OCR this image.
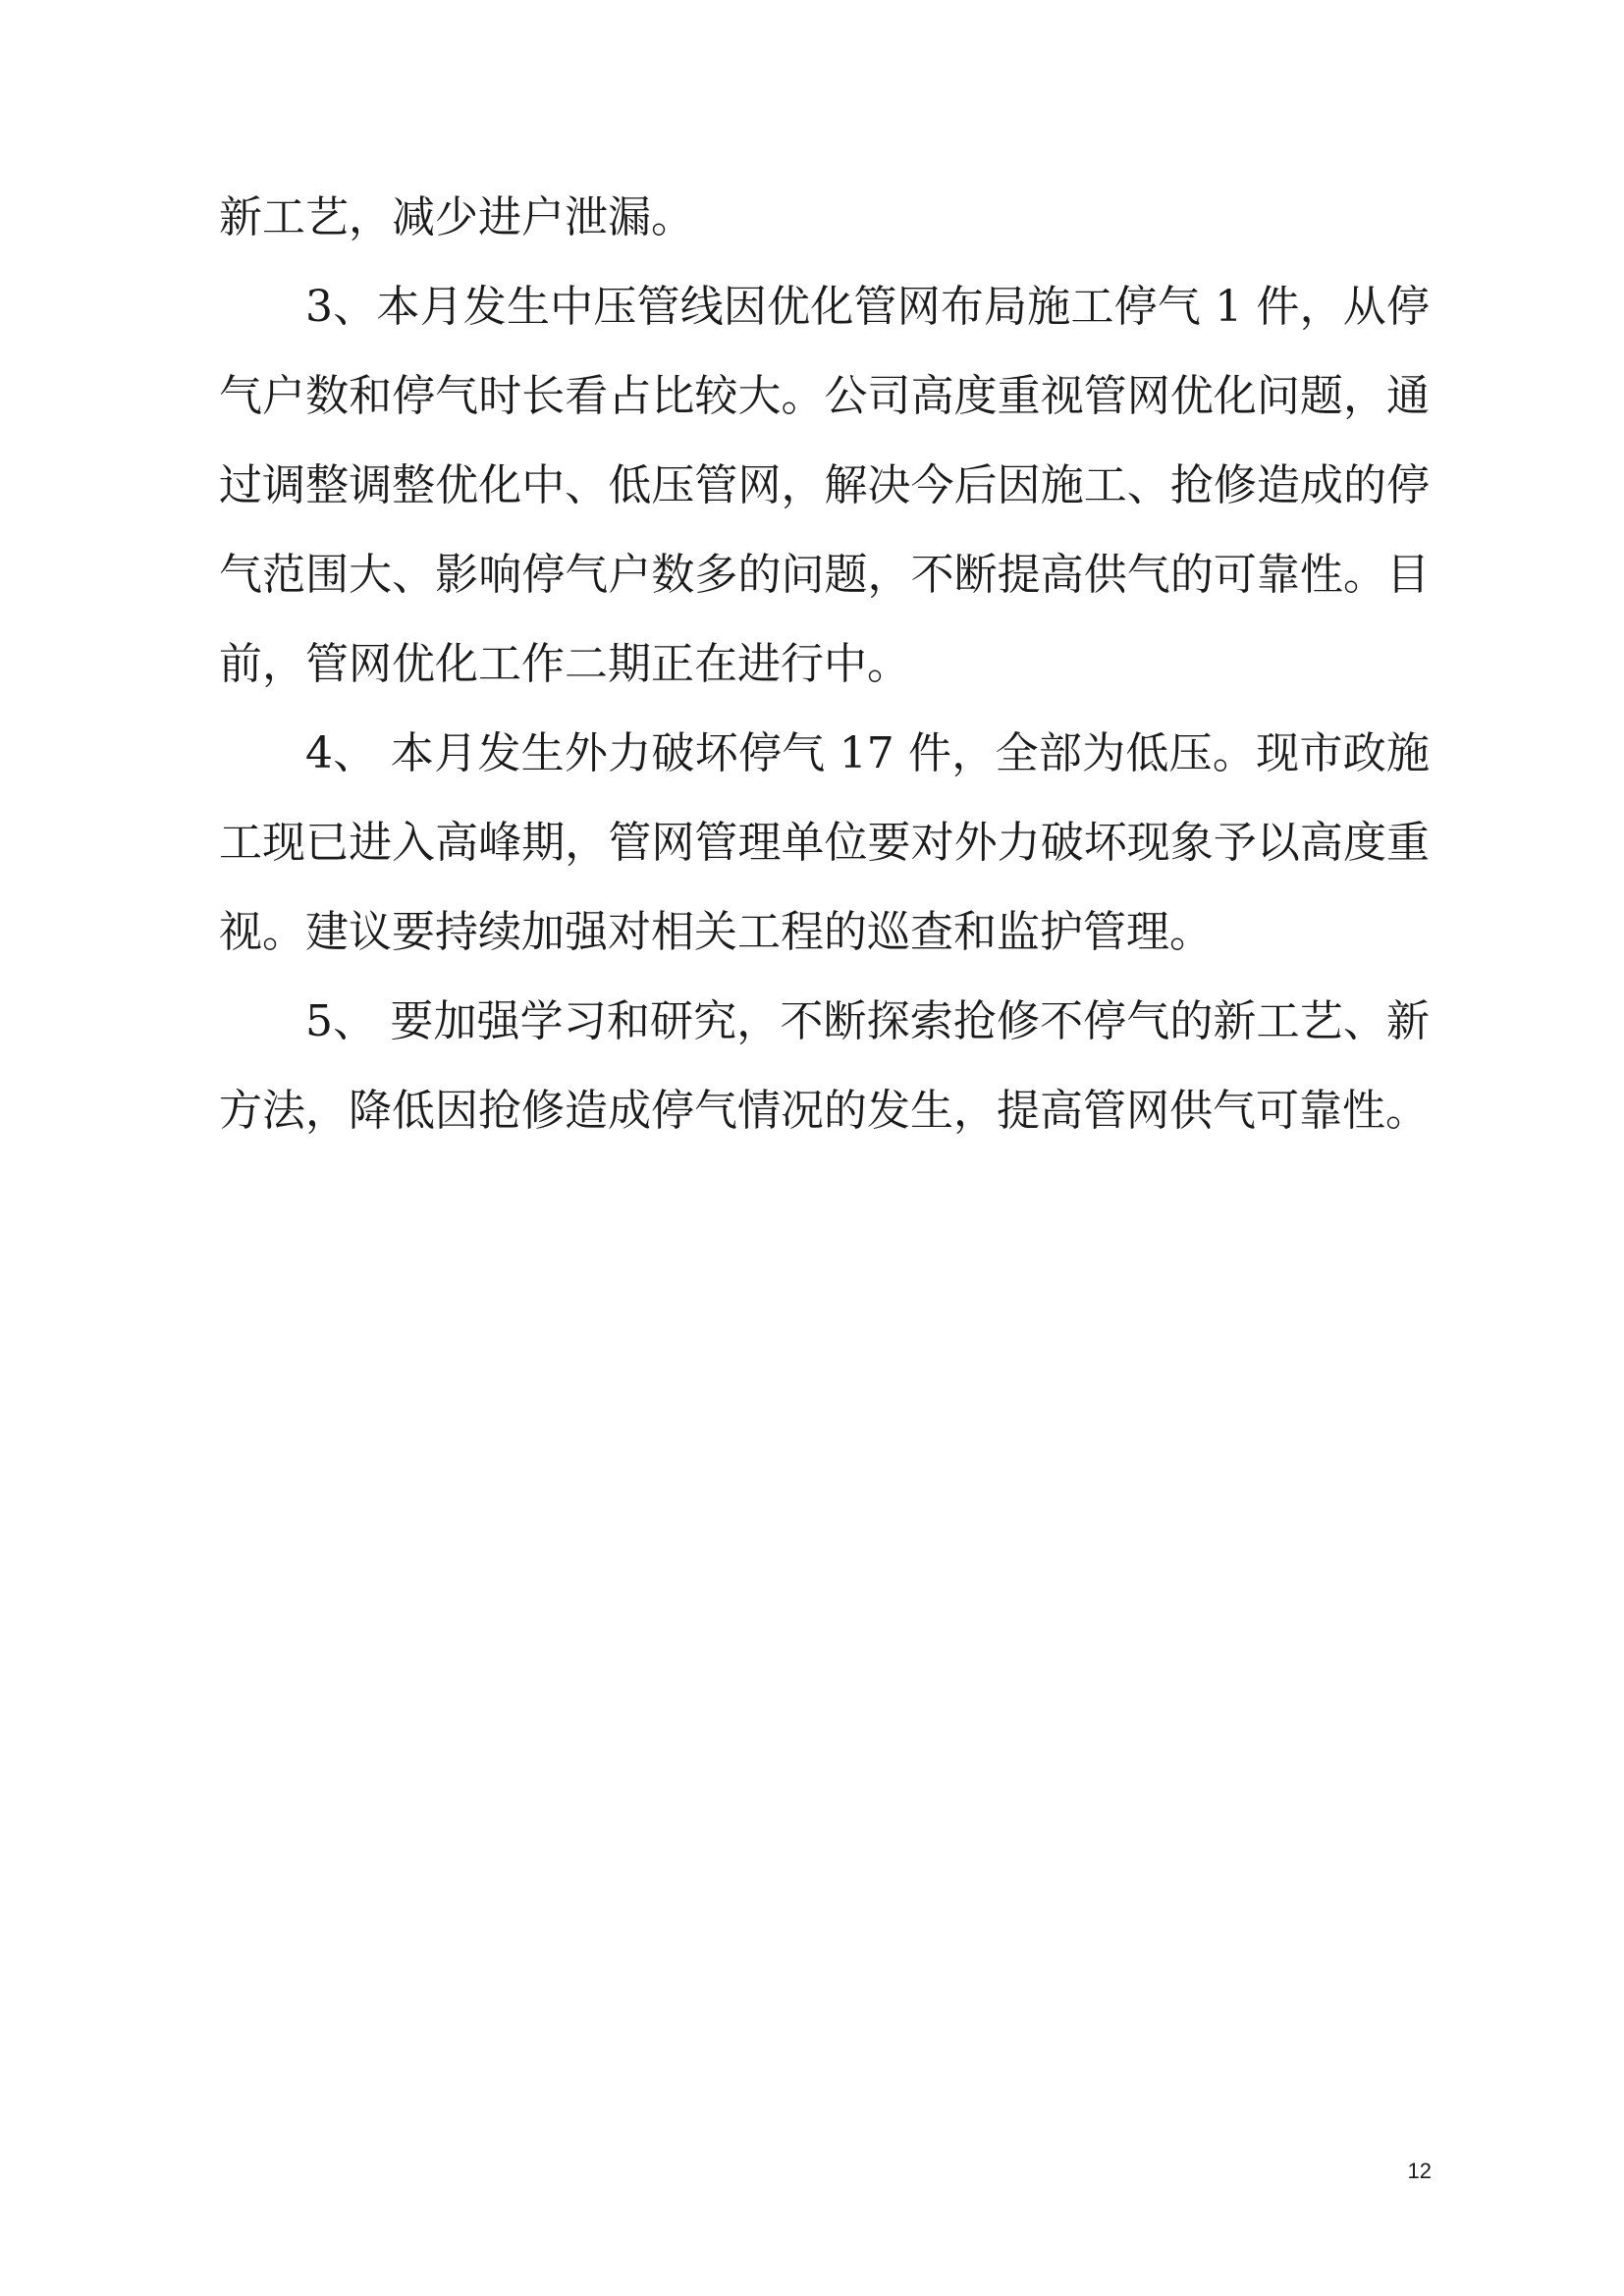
新工艺，减少进户泄漏。
3、本月发生中压管线因优化管网布局施工停气 1 件，从停
气户数和停气时长看占比较大。公司高度重视管网优化问题，通
过调整调整优化中、低压管网，解决今后因施工、抢修造成的停
气范围大、影响停气户数多的问题，不断提高供气的可靠性。目
前，管网优化工作二期正在进行中。
4、 本月发生外力破坏停气 17 件，全部为低压。现市政施
工现已进入高峰期，管网管理单位要对外力破坏现象予以高度重
视。建议要持续加强对相关工程的巡查和监护管理。
5、 要加强学习和研究，不断探索抢修不停气的新工艺、新
方法，降低因抢修造成停气情况的发生，提高管网供气可靠性。
12
